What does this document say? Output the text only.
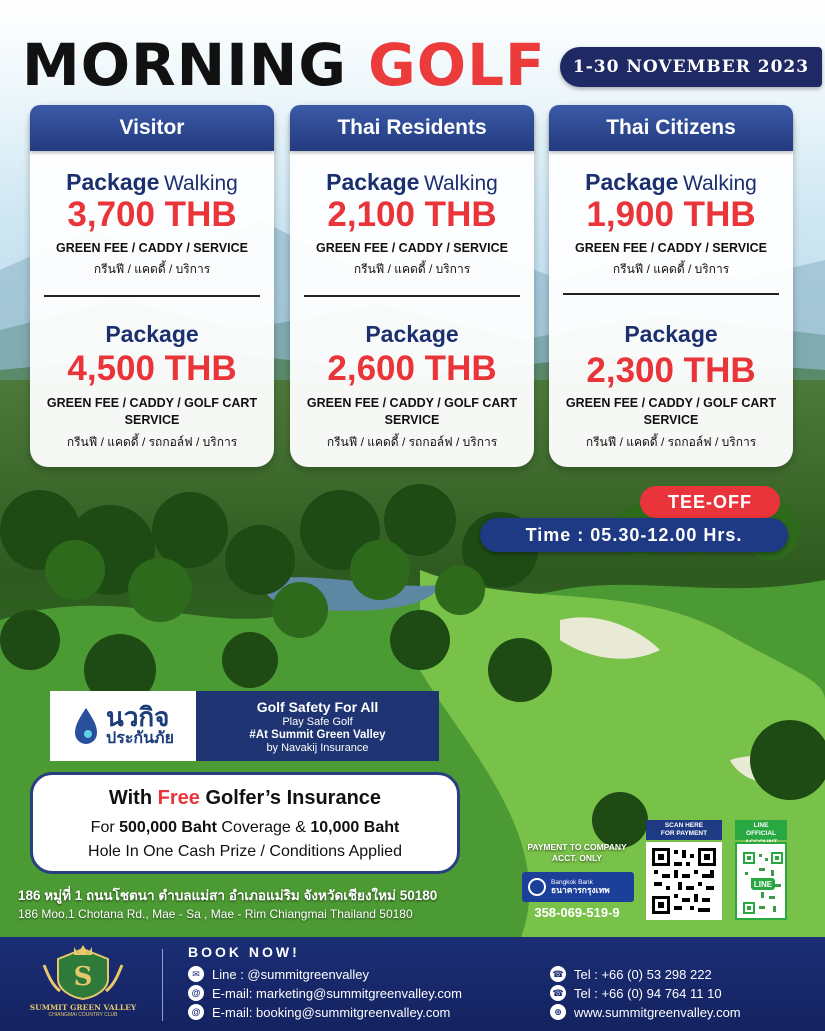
MORNING GOLF	1-30 NOVEMBER 2023
Visitor
Package Walking
3,700 THB
GREEN FEE / CADDY / SERVICE
กรีนฟี / แคดดี้ / บริการ
Package
4,500 THB
GREEN FEE / CADDY / GOLF CART
SERVICE
กรีนฟี / แคดดี้ / รถกอล์ฟ / บริการ
Thai Residents
Package Walking
2,100 THB
GREEN FEE / CADDY / SERVICE
กรีนฟี / แคดดี้ / บริการ
Package
2,600 THB
GREEN FEE / CADDY / GOLF CART
SERVICE
กรีนฟี / แคดดี้ / รถกอล์ฟ / บริการ
Thai Citizens
Package Walking
1,900 THB
GREEN FEE / CADDY / SERVICE
กรีนฟี / แคดดี้ / บริการ
Package
2,300 THB
GREEN FEE / CADDY / GOLF CART
SERVICE
กรีนฟี / แคดดี้ / รถกอล์ฟ / บริการ
TEE-OFF
Time : 05.30-12.00 Hrs.
นวกิจ
ประกันภัย
Golf Safety For All
Play Safe Golf
#At Summit Green Valley
by Navakij Insurance
With Free Golfer’s Insurance
For 500,000 Baht Coverage & 10,000 Baht
Hole In One Cash Prize / Conditions Applied
186 หมู่ที่ 1 ถนนโชตนา ตำบลแม่สา อำเภอแม่ริม จังหวัดเชียงใหม่ 50180
186 Moo.1 Chotana Rd., Mae - Sa , Mae - Rim Chiangmai Thailand 50180
PAYMENT TO COMPANY
ACCT. ONLY
Bangkok Bank
ธนาคารกรุงเทพ
358-069-519-9
SCAN HERE
FOR PAYMENT
LINE
OFFICIAL
LINE
S
SUMMIT GREEN VALLEY
CHIANGMAI COUNTRY CLUB
BOOK NOW!
✉ Line : @summitgreenvalley
@ E-mail: marketing@summitgreenvalley.com
@ E-mail: booking@summitgreenvalley.com
☎ Tel : +66 (0) 53 298 222
☎ Tel : +66 (0) 94 764 11 10
⊕ www.summitgreenvalley.com
